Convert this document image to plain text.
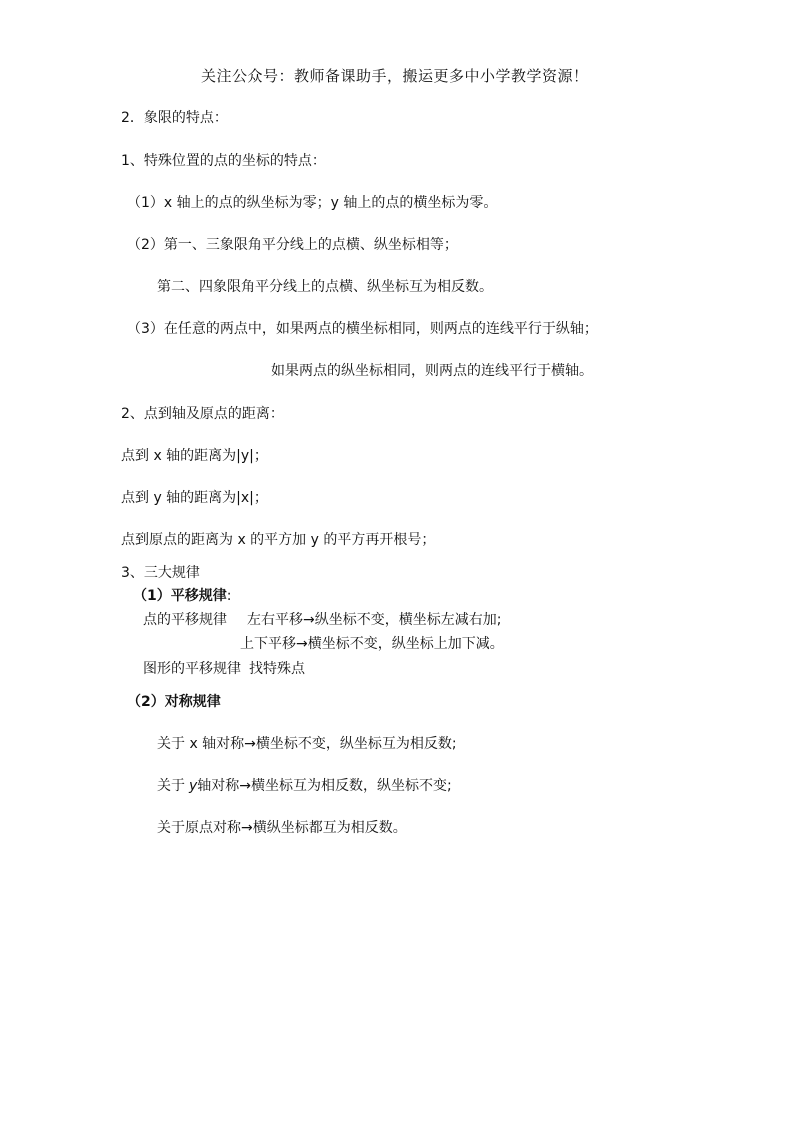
关注公众号：教师备课助手，搬运更多中小学教学资源！
2．象限的特点：
1、特殊位置的点的坐标的特点：
（1）x 轴上的点的纵坐标为零；y 轴上的点的横坐标为零。
（2）第一、三象限角平分线上的点横、纵坐标相等；
第二、四象限角平分线上的点横、纵坐标互为相反数。
（3）在任意的两点中，如果两点的横坐标相同，则两点的连线平行于纵轴；
如果两点的纵坐标相同，则两点的连线平行于横轴。
2、点到轴及原点的距离：
点到 x 轴的距离为|y|；
点到 y 轴的距离为|x|；
点到原点的距离为 x 的平方加 y 的平方再开根号；
3、三大规律
（1）平移规律:
点的平移规律 左右平移→纵坐标不变，横坐标左减右加;
上下平移→横坐标不变，纵坐标上加下减。
图形的平移规律 找特殊点
（2）对称规律
关于 x 轴对称→横坐标不变，纵坐标互为相反数;
关于 y轴对称→横坐标互为相反数，纵坐标不变;
关于原点对称→横纵坐标都互为相反数。
